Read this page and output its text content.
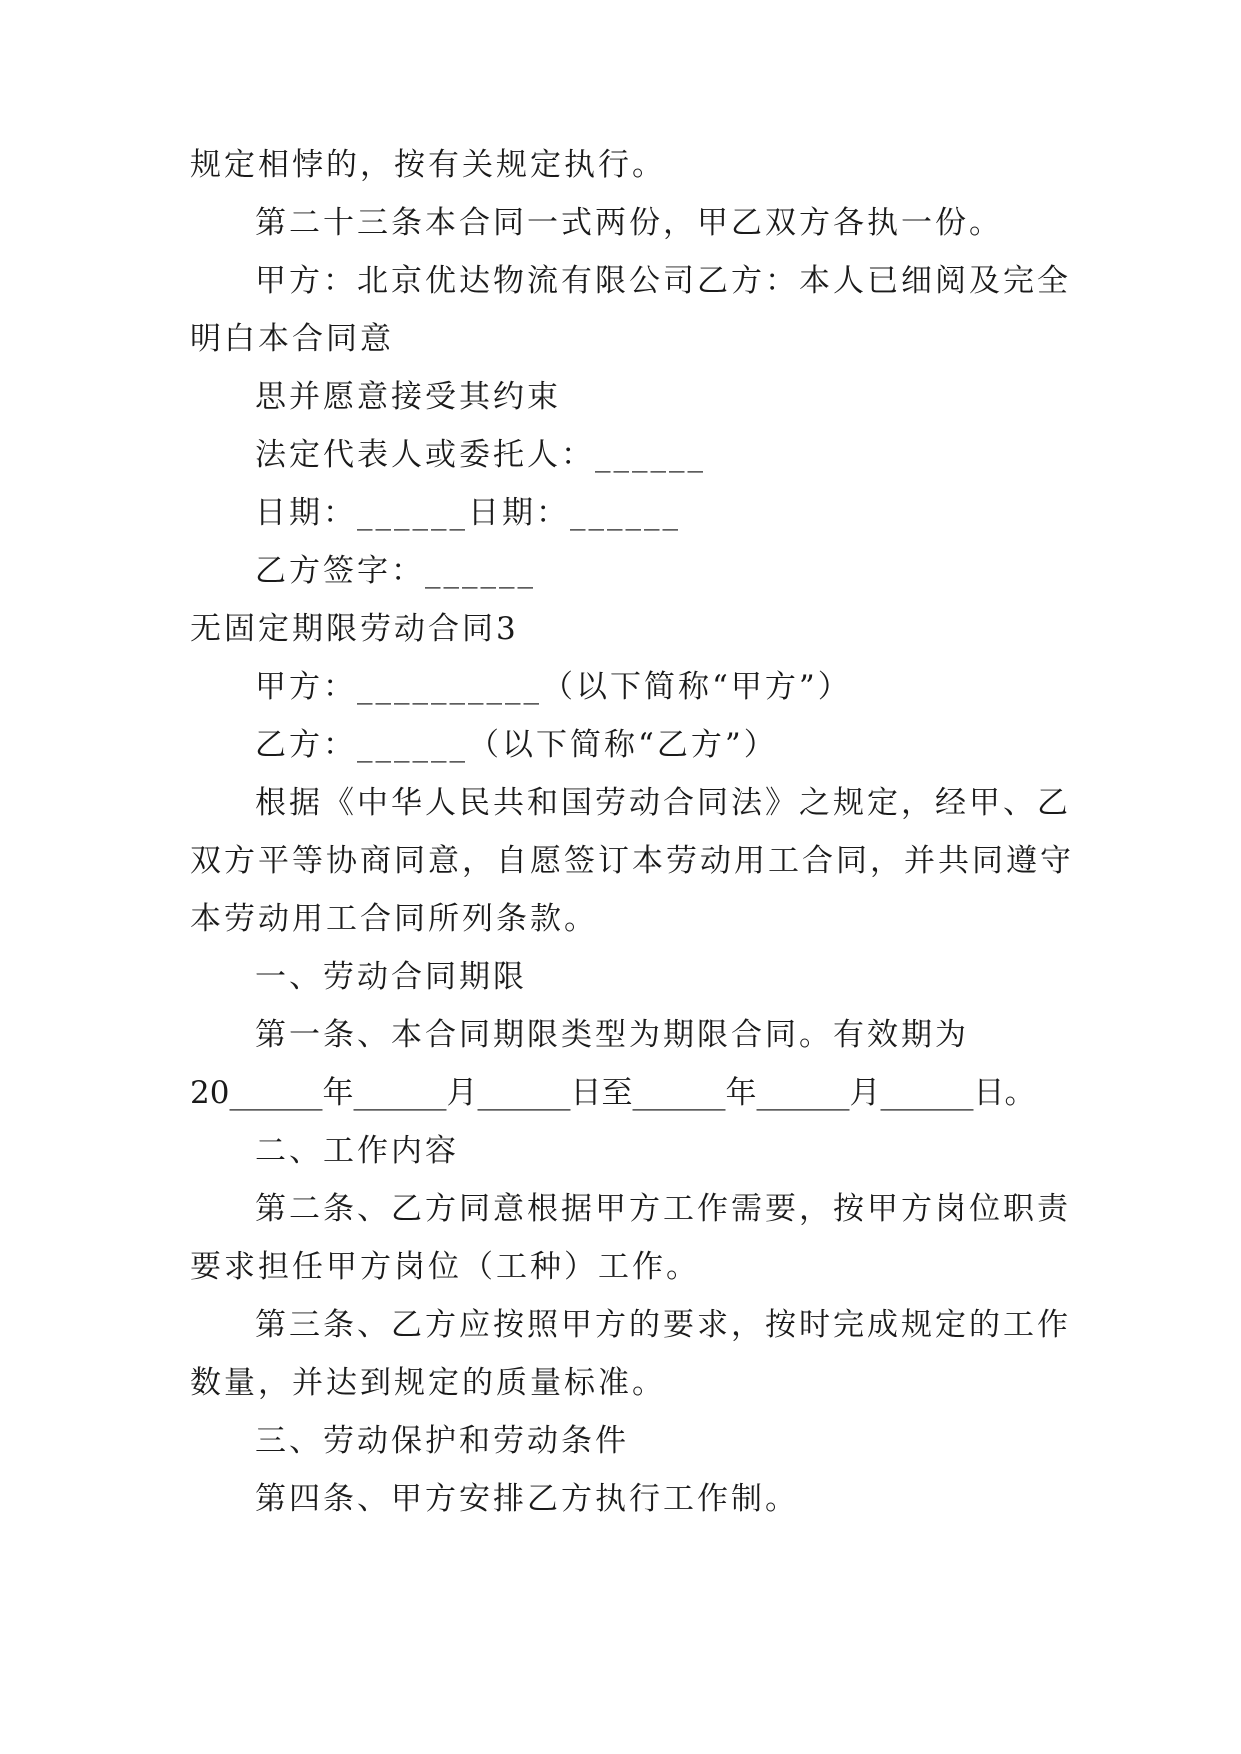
规定相悖的，按有关规定执行。
第二十三条本合同一式两份，甲乙双方各执一份。
甲方：北京优达物流有限公司乙方：本人已细阅及完全
明白本合同意
思并愿意接受其约束
法定代表人或委托人：______
日期：______日期：______
乙方签字：______
无固定期限劳动合同3
甲方：__________（以下简称“甲方”）
乙方：______（以下简称“乙方”）
根据《中华人民共和国劳动合同法》之规定，经甲、乙
双方平等协商同意，自愿签订本劳动用工合同，并共同遵守
本劳动用工合同所列条款。
一、劳动合同期限
第一条、本合同期限类型为期限合同。有效期为
20______年______月______日至______年______月______日。
二、工作内容
第二条、乙方同意根据甲方工作需要，按甲方岗位职责
要求担任甲方岗位（工种）工作。
第三条、乙方应按照甲方的要求，按时完成规定的工作
数量，并达到规定的质量标准。
三、劳动保护和劳动条件
第四条、甲方安排乙方执行工作制。
